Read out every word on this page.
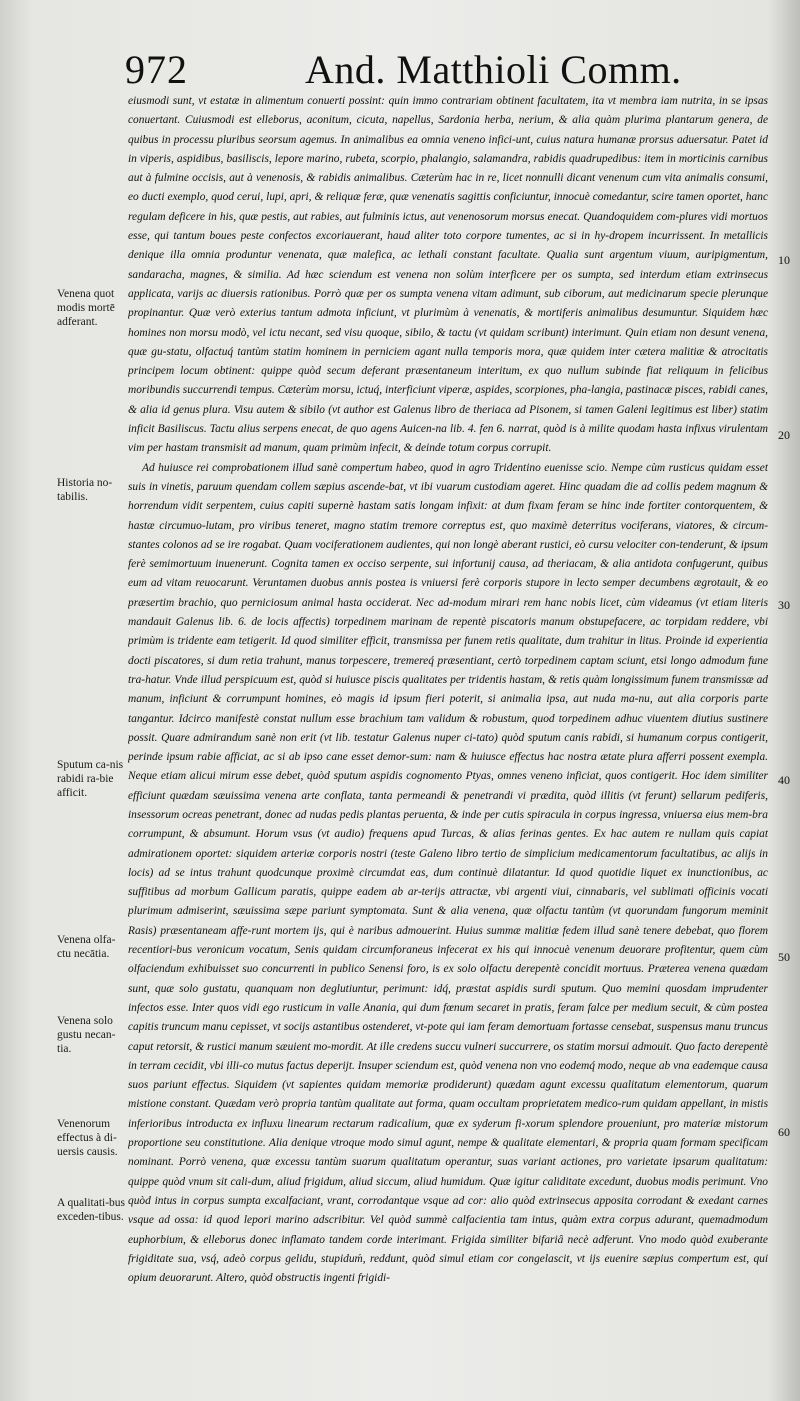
972	And. Matthioli Comm.

eiusmodi sunt, vt estatæ in alimentum conuerti possint: quin immo contrariam obtinent facultatem, ita vt membra iam nutrita, in se ipsas conuertant. Cuiusmodi est elleborus, aconitum, cicuta, napellus, Sardonia herba, nerium, & alia quàm plurima plantarum genera, de quibus in processu pluribus seorsum agemus. In animalibus ea omnia veneno infici-unt, cuius natura humanæ prorsus aduersatur. Patet id in viperis, aspidibus, basiliscis, lepore marino, rubeta, scorpio, phalangio, salamandra, rabidis quadrupedibus: item in morticinis carnibus aut à fulmine occisis, aut à venenosis, & rabidis animalibus. Cæterùm hac in re, licet nonnulli dicant venenum cum vita animalis consumi, eo ducti exemplo, quod cerui, lupi, apri, & reliquæ feræ, quæ venenatis sagittis conficiuntur, innocuè comedantur, scire tamen oportet, hanc regulam deficere in his, quæ pestis, aut rabies, aut fulminis ictus, aut venenosorum morsus enecat. Quandoquidem com-plures vidi mortuos esse, qui tantum boues peste confectos excoriauerant, haud aliter toto corpore tumentes, ac si in hy-dropem incurrissent. In metallicis denique illa omnia produntur venenata, quæ malefica, ac lethali constant facultate. Qualia sunt argentum viuum, auripigmentum, sandaracha, magnes, & similia. Ad hæc sciendum est venena non solùm interficere per os sumpta, sed interdum etiam extrinsecus applicata, varijs ac diuersis rationibus. Porrò quæ per os sumpta venena vitam adimunt, sub ciborum, aut medicinarum specie plerunque propinantur. Quæ verò exterius tantum admota inficiunt, vt plurimùm à venenatis, & mortiferis animalibus desumuntur. Siquidem hæc homines non morsu modò, vel ictu necant, sed visu quoque, sibilo, & tactu (vt quidam scribunt) interimunt. Quin etiam non desunt venena, quæ gu-statu, olfactuq́ tantùm statim hominem in perniciem agant nulla temporis mora, quæ quidem inter cætera malitiæ & atrocitatis principem locum obtinent: quippe quòd secum deferant præsentaneum interitum, ex quo nullum subinde fiat reliquum in felicibus moribundis succurrendi tempus. Cæterùm morsu, ictuq́, interficiunt viperæ, aspides, scorpiones, pha-langia, pastinacæ pisces, rabidi canes, & alia id genus plura. Visu autem & sibilo (vt author est Galenus libro de theriaca ad Pisonem, si tamen Galeni legitimus est liber) statim inficit Basiliscus. Tactu alius serpens enecat, de quo agens Auicen-na lib. 4. fen 6. narrat, quòd is à milite quodam hasta infixus virulentam vim per hastam transmisit ad manum, quam primùm infecit, & deinde totum corpus corrupit.

Ad huiusce rei comprobationem illud sanè compertum habeo, quod in agro Tridentino euenisse scio. Nempe cùm rusticus quidam esset suis in vinetis, paruum quendam collem sæpius ascende-bat, vt ibi vuarum custodiam ageret. Hinc quadam die ad collis pedem magnum & horrendum vidit serpentem, cuius capiti supernè hastam satis longam infixit: at dum fixam feram se hinc inde fortiter contorquentem, & hastæ circumuo-lutam, pro viribus teneret, magno statim tremore correptus est, quo maximè deterritus vociferans, viatores, & circum-stantes colonos ad se ire rogabat. Quam vociferationem audientes, qui non longè aberant rustici, eò cursu velociter con-tenderunt, & ipsum ferè semimortuum inuenerunt. Cognita tamen ex occiso serpente, sui infortunij causa, ad theriacam, & alia antidota confugerunt, quibus eum ad vitam reuocarunt. Veruntamen duobus annis postea is vniuersi ferè corporis stupore in lecto semper decumbens ægrotauit, & eo præsertim brachio, quo perniciosum animal hasta occiderat. Nec ad-modum mirari rem hanc nobis licet, cùm videamus (vt etiam literis mandauit Galenus lib. 6. de locis affectis) torpedinem marinam de repentè piscatoris manum obstupefacere, ac torpidam reddere, vbi primùm is tridente eam tetigerit. Id quod similiter efficit, transmissa per funem retis qualitate, dum trahitur in litus. Proinde id experientia docti piscatores, si dum retia trahunt, manus torpescere, tremereq́ præsentiant, certò torpedinem captam sciunt, etsi longo admodum fune tra-hatur. Vnde illud perspicuum est, quòd si huiusce piscis qualitates per tridentis hastam, & retis quàm longissimum funem transmissæ ad manum, inficiunt & corrumpunt homines, eò magis id ipsum fieri poterit, si animalia ipsa, aut nuda ma-nu, aut alia corporis parte tangantur. Idcirco manifestè constat nullum esse brachium tam validum & robustum, quod torpedinem adhuc viuentem diutius sustinere possit. Quare admirandum sanè non erit (vt lib. testatur Galenus nuper ci-tato) quòd sputum canis rabidi, si humanum corpus contigerit, perinde ipsum rabie afficiat, ac si ab ipso cane esset demor-sum: nam & huiusce effectus hac nostra ætate plura afferri possent exempla. Neque etiam alicui mirum esse debet, quòd sputum aspidis cognomento Ptyas, omnes veneno inficiat, quos contigerit. Hoc idem similiter efficiunt quædam sæuissima venena arte conflata, tanta permeandi & penetrandi vi prædita, quòd illitis (vt ferunt) sellarum pediferis, insessorum ocreas penetrant, donec ad nudas pedis plantas peruenta, & inde per cutis spiracula in corpus ingressa, vniuersa eius mem-bra corrumpunt, & absumunt. Horum vsus (vt audio) frequens apud Turcas, & alias ferinas gentes. Ex hac autem re nullam quis capiat admirationem oportet: siquidem arteriæ corporis nostri (teste Galeno libro tertio de simplicium medicamentorum facultatibus, ac alijs in locis) ad se intus trahunt quodcunque proximè circumdat eas, dum continuè dilatantur. Id quod quotidie liquet ex inunctionibus, ac suffitibus ad morbum Gallicum paratis, quippe eadem ab ar-terijs attractæ, vbi argenti viui, cinnabaris, vel sublimati officinis vocati plurimum admiserint, sæuissima sæpe pariunt symptomata. Sunt & alia venena, quæ olfactu tantùm (vt quorundam fungorum meminit Rasis) præsentaneam affe-runt mortem ijs, qui è naribus admouerint. Huius summæ malitiæ fedem illud sanè tenere debebat, quo florem recentiori-bus veronicum vocatum, Senis quidam circumforaneus infecerat ex his qui innocuè venenum deuorare profitentur, quem cùm olfaciendum exhibuisset suo concurrenti in publico Senensi foro, is ex solo olfactu derepentè concidit mortuus. Præterea venena quædam sunt, quæ solo gustatu, quanquam non deglutiuntur, perimunt: idq́, præstat aspidis surdi sputum. Quo memini quosdam imprudenter infectos esse. Inter quos vidi ego rusticum in valle Anania, qui dum fœnum secaret in pratis, feram falce per medium secuit, & cùm postea capitis truncum manu cepisset, vt socijs astantibus ostenderet, vt-pote qui iam feram demortuam fortasse censebat, suspensus manu truncus caput retorsit, & rustici manum sæuient mo-mordit. At ille credens succu vulneri succurrere, os statim morsui admouit. Quo facto derepentè in terram cecidit, vbi illi-co mutus factus deperijt. Insuper sciendum est, quòd venena non vno eodemq́ modo, neque ab vna eademque causa suos pariunt effectus. Siquidem (vt sapientes quidam memoriæ prodiderunt) quædam agunt excessu qualitatum elementorum, quarum mistione constant. Quædam verò propria tantùm qualitate aut forma, quam occultam proprietatem medico-rum quidam appellant, in mistis inferioribus introducta ex influxu linearum rectarum radicalium, quæ ex syderum fi-xorum splendore proueniunt, pro materiæ mistorum proportione seu constitutione. Alia denique vtroque modo simul agunt, nempe & qualitate elementari, & propria quam formam specificam nominant. Porrò venena, quæ excessu tantùm suarum qualitatum operantur, suas variant actiones, pro varietate ipsarum qualitatum: quippe quòd vnum sit cali-dum, aliud frigidum, aliud siccum, aliud humidum. Quæ igitur caliditate excedunt, duobus modis perimunt. Vno quòd intus in corpus sumpta excalfaciant, vrant, corrodantque vsque ad cor: alio quòd extrinsecus apposita corrodant & exedant carnes vsque ad ossa: id quod lepori marino adscribitur. Vel quòd summè calfacientia tam intus, quàm extra corpus adurant, quemadmodum euphorbium, & elleborus donec inflamato tandem corde interimant. Frigida similiter bifariâ necè adferunt. Vno modo quòd exuberante frigiditate sua, vsq́, adeò corpus gelidu, stupiduḿ, reddunt, quòd simul etiam cor congelascit, vt ijs euenire sæpius compertum est, qui opium deuorarunt. Altero, quòd obstructis ingenti frigidi-

Venena quot modis mortē adferant.
Historia no-tabilis.
Sputum ca-nis rabidi ra-bie afficit.
Venena olfa-ctu necātia.
Venena solo gustu necan-tia.
Venenorum effectus à di-uersis causis.
A qualitati-bus exceden-tibus.
10
20
30
40
50
60
